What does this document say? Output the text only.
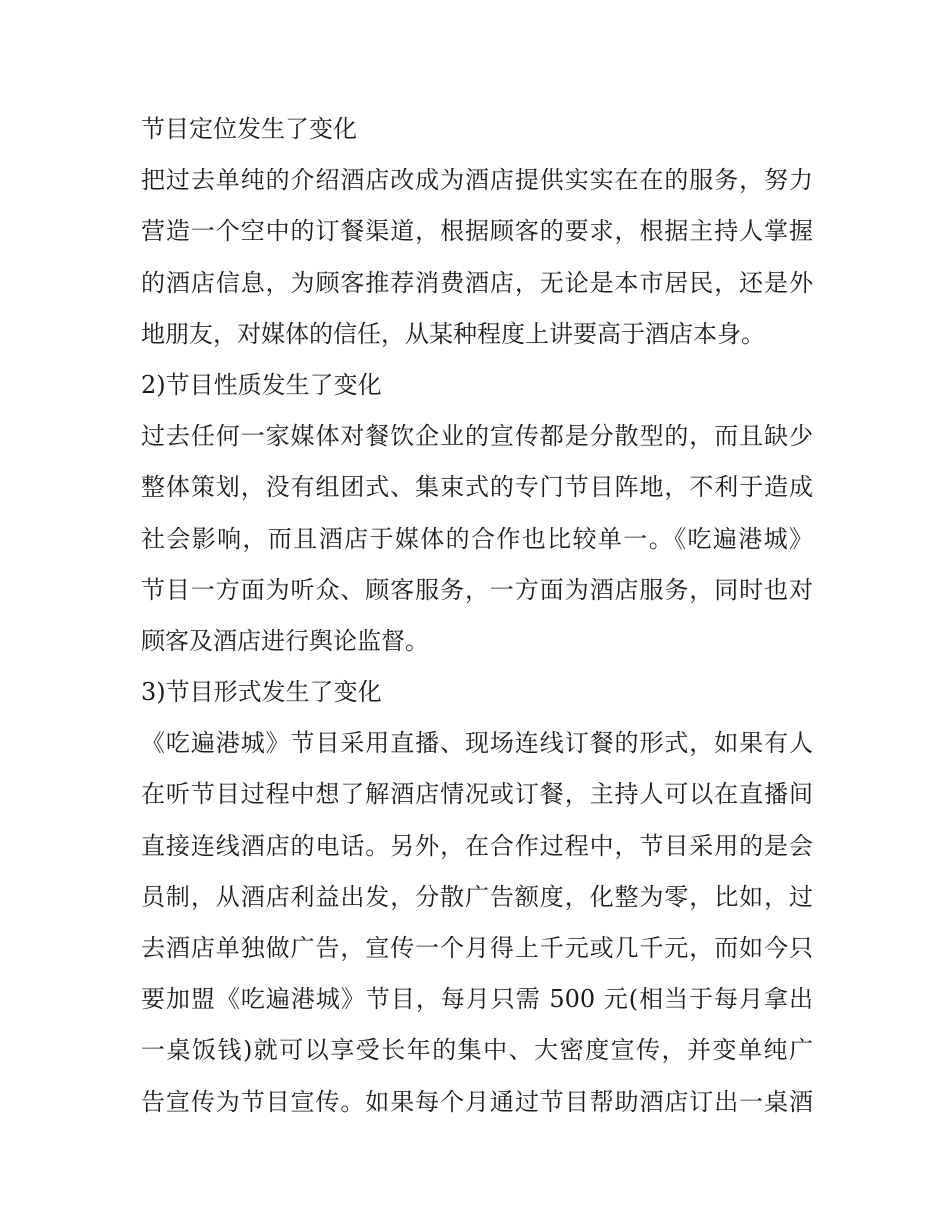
节目定位发生了变化
把过去单纯的介绍酒店改成为酒店提供实实在在的服务，努力
营造一个空中的订餐渠道，根据顾客的要求，根据主持人掌握
的酒店信息，为顾客推荐消费酒店，无论是本市居民，还是外
地朋友，对媒体的信任，从某种程度上讲要高于酒店本身。
2)节目性质发生了变化
过去任何一家媒体对餐饮企业的宣传都是分散型的，而且缺少
整体策划，没有组团式、集束式的专门节目阵地，不利于造成
社会影响，而且酒店于媒体的合作也比较单一。《吃遍港城》
节目一方面为听众、顾客服务，一方面为酒店服务，同时也对
顾客及酒店进行舆论监督。
3)节目形式发生了变化
《吃遍港城》节目采用直播、现场连线订餐的形式，如果有人
在听节目过程中想了解酒店情况或订餐，主持人可以在直播间
直接连线酒店的电话。另外，在合作过程中，节目采用的是会
员制，从酒店利益出发，分散广告额度，化整为零，比如，过
去酒店单独做广告，宣传一个月得上千元或几千元，而如今只
要加盟《吃遍港城》节目，每月只需 500 元(相当于每月拿出
一桌饭钱)就可以享受长年的集中、大密度宣传，并变单纯广
告宣传为节目宣传。如果每个月通过节目帮助酒店订出一桌酒
